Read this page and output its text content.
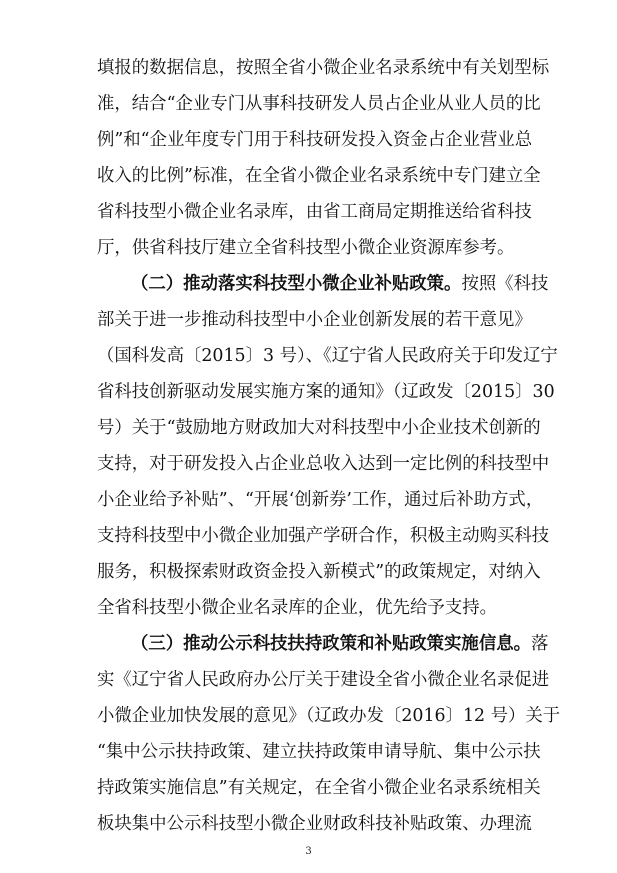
填报的数据信息，按照全省小微企业名录系统中有关划型标
准，结合“企业专门从事科技研发人员占企业从业人员的比
例”和“企业年度专门用于科技研发投入资金占企业营业总
收入的比例”标准，在全省小微企业名录系统中专门建立全
省科技型小微企业名录库，由省工商局定期推送给省科技
厅，供省科技厅建立全省科技型小微企业资源库参考。
（二）推动落实科技型小微企业补贴政策。按照《科技
部关于进一步推动科技型中小企业创新发展的若干意见》
（国科发高〔2015〕3 号）、《辽宁省人民政府关于印发辽宁
省科技创新驱动发展实施方案的通知》（辽政发〔2015〕30
号）关于“鼓励地方财政加大对科技型中小企业技术创新的
支持，对于研发投入占企业总收入达到一定比例的科技型中
小企业给予补贴”、“开展‘创新券’工作，通过后补助方式，
支持科技型中小微企业加强产学研合作，积极主动购买科技
服务，积极探索财政资金投入新模式”的政策规定，对纳入
全省科技型小微企业名录库的企业，优先给予支持。
（三）推动公示科技扶持政策和补贴政策实施信息。落
实《辽宁省人民政府办公厅关于建设全省小微企业名录促进
小微企业加快发展的意见》（辽政办发〔2016〕12 号）关于
“集中公示扶持政策、建立扶持政策申请导航、集中公示扶
持政策实施信息”有关规定，在全省小微企业名录系统相关
板块集中公示科技型小微企业财政科技补贴政策、办理流
3
